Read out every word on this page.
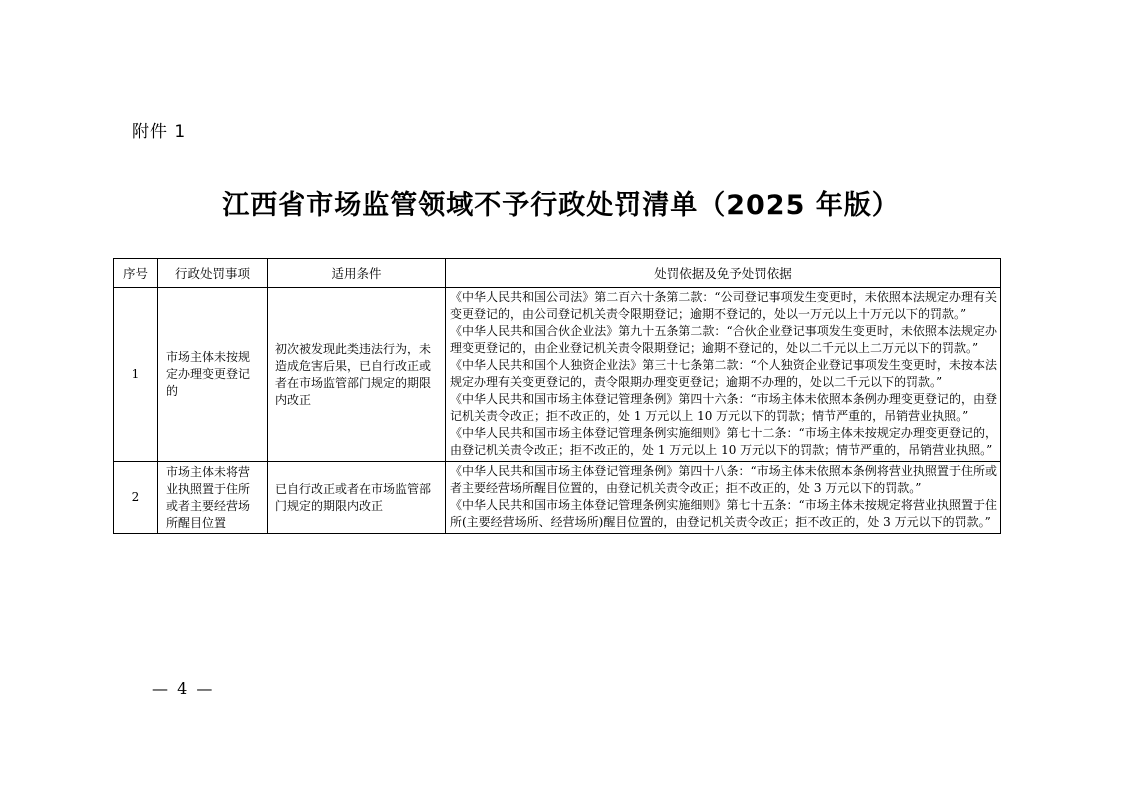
附件 1
江西省市场监管领域不予行政处罚清单（2025 年版）
序号	行政处罚事项	适用条件	处罚依据及免予处罚依据
1	市场主体未按规定办理变更登记的	初次被发现此类违法行为，未造成危害后果，已自行改正或者在市场监管部门规定的期限内改正	《中华人民共和国公司法》第二百六十条第二款：“公司登记事项发生变更时，未依照本法规定办理有关变更登记的，由公司登记机关责令限期登记；逾期不登记的，处以一万元以上十万元以下的罚款。”

《中华人民共和国合伙企业法》第九十五条第二款：“合伙企业登记事项发生变更时，未依照本法规定办理变更登记的，由企业登记机关责令限期登记；逾期不登记的，处以二千元以上二万元以下的罚款。”

《中华人民共和国个人独资企业法》第三十七条第二款：“个人独资企业登记事项发生变更时，未按本法规定办理有关变更登记的，责令限期办理变更登记；逾期不办理的，处以二千元以下的罚款。”

《中华人民共和国市场主体登记管理条例》第四十六条：“市场主体未依照本条例办理变更登记的，由登记机关责令改正；拒不改正的，处 1 万元以上 10 万元以下的罚款；情节严重的，吊销营业执照。”

《中华人民共和国市场主体登记管理条例实施细则》第七十二条：“市场主体未按规定办理变更登记的，由登记机关责令改正；拒不改正的，处 1 万元以上 10 万元以下的罚款；情节严重的，吊销营业执照。”

2	市场主体未将营业执照置于住所或者主要经营场所醒目位置	已自行改正或者在市场监管部门规定的期限内改正	《中华人民共和国市场主体登记管理条例》第四十八条：“市场主体未依照本条例将营业执照置于住所或者主要经营场所醒目位置的，由登记机关责令改正；拒不改正的，处 3 万元以下的罚款。”

《中华人民共和国市场主体登记管理条例实施细则》第七十五条：“市场主体未按规定将营业执照置于住所(主要经营场所、经营场所)醒目位置的，由登记机关责令改正；拒不改正的，处 3 万元以下的罚款。”

— 4 —
